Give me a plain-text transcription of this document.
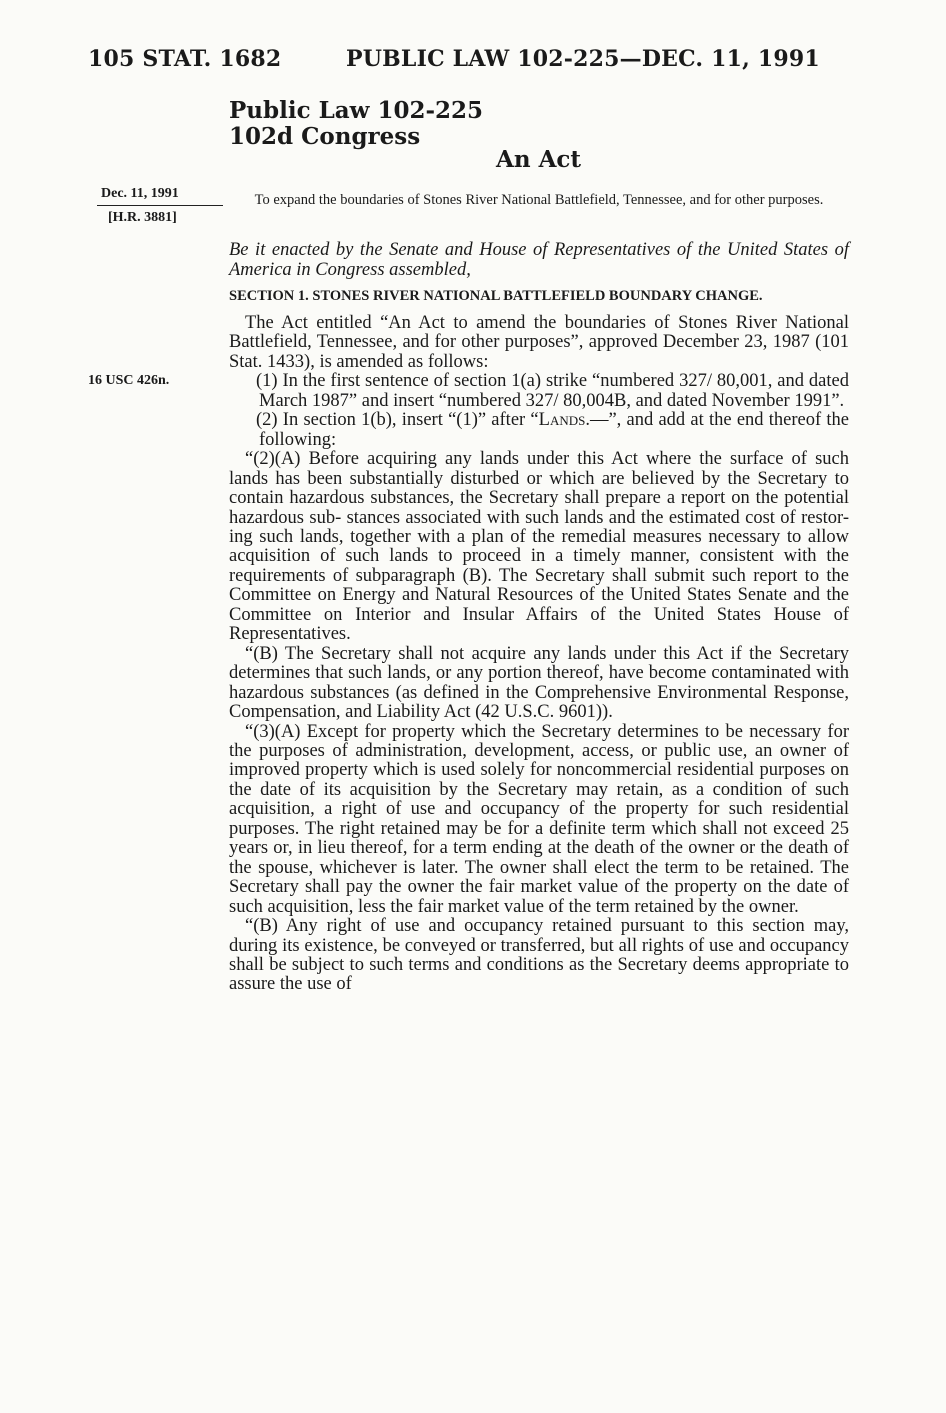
105 STAT. 1682	PUBLIC LAW 102-225—DEC. 11, 1991
Public Law 102-225
102d Congress
An Act
Dec. 11, 1991
[H.R. 3881]
16 USC 426n.
To expand the boundaries of Stones River National Battlefield, Tennessee, and for other purposes.
Be it enacted by the Senate and House of Representatives of the United States of America in Congress assembled,
SECTION 1. STONES RIVER NATIONAL BATTLEFIELD BOUNDARY CHANGE.

The Act entitled “An Act to amend the boundaries of Stones River National Battlefield, Tennessee, and for other purposes”, approved December 23, 1987 (101 Stat. 1433), is amended as follows:

(1) In the first sentence of section 1(a) strike “numbered 327/ 80,001, and dated March 1987” and insert “numbered 327/ 80,004B, and dated November 1991”.

(2) In section 1(b), insert “(1)” after “Lands.—”, and add at the end thereof the following:

“(2)(A) Before acquiring any lands under this Act where the surface of such lands has been substantially disturbed or which are believed by the Secretary to contain hazardous substances, the Secretary shall prepare a report on the potential hazardous sub- stances associated with such lands and the estimated cost of restor- ing such lands, together with a plan of the remedial measures necessary to allow acquisition of such lands to proceed in a timely manner, consistent with the requirements of subparagraph (B). The Secretary shall submit such report to the Committee on Energy and Natural Resources of the United States Senate and the Committee on Interior and Insular Affairs of the United States House of Representatives.

“(B) The Secretary shall not acquire any lands under this Act if the Secretary determines that such lands, or any portion thereof, have become contaminated with hazardous substances (as defined in the Comprehensive Environmental Response, Compensation, and Liability Act (42 U.S.C. 9601)).

“(3)(A) Except for property which the Secretary determines to be necessary for the purposes of administration, development, access, or public use, an owner of improved property which is used solely for noncommercial residential purposes on the date of its acquisition by the Secretary may retain, as a condition of such acquisition, a right of use and occupancy of the property for such residential purposes. The right retained may be for a definite term which shall not exceed 25 years or, in lieu thereof, for a term ending at the death of the owner or the death of the spouse, whichever is later. The owner shall elect the term to be retained. The Secretary shall pay the owner the fair market value of the property on the date of such acquisition, less the fair market value of the term retained by the owner.

“(B) Any right of use and occupancy retained pursuant to this section may, during its existence, be conveyed or transferred, but all rights of use and occupancy shall be subject to such terms and conditions as the Secretary deems appropriate to assure the use of
